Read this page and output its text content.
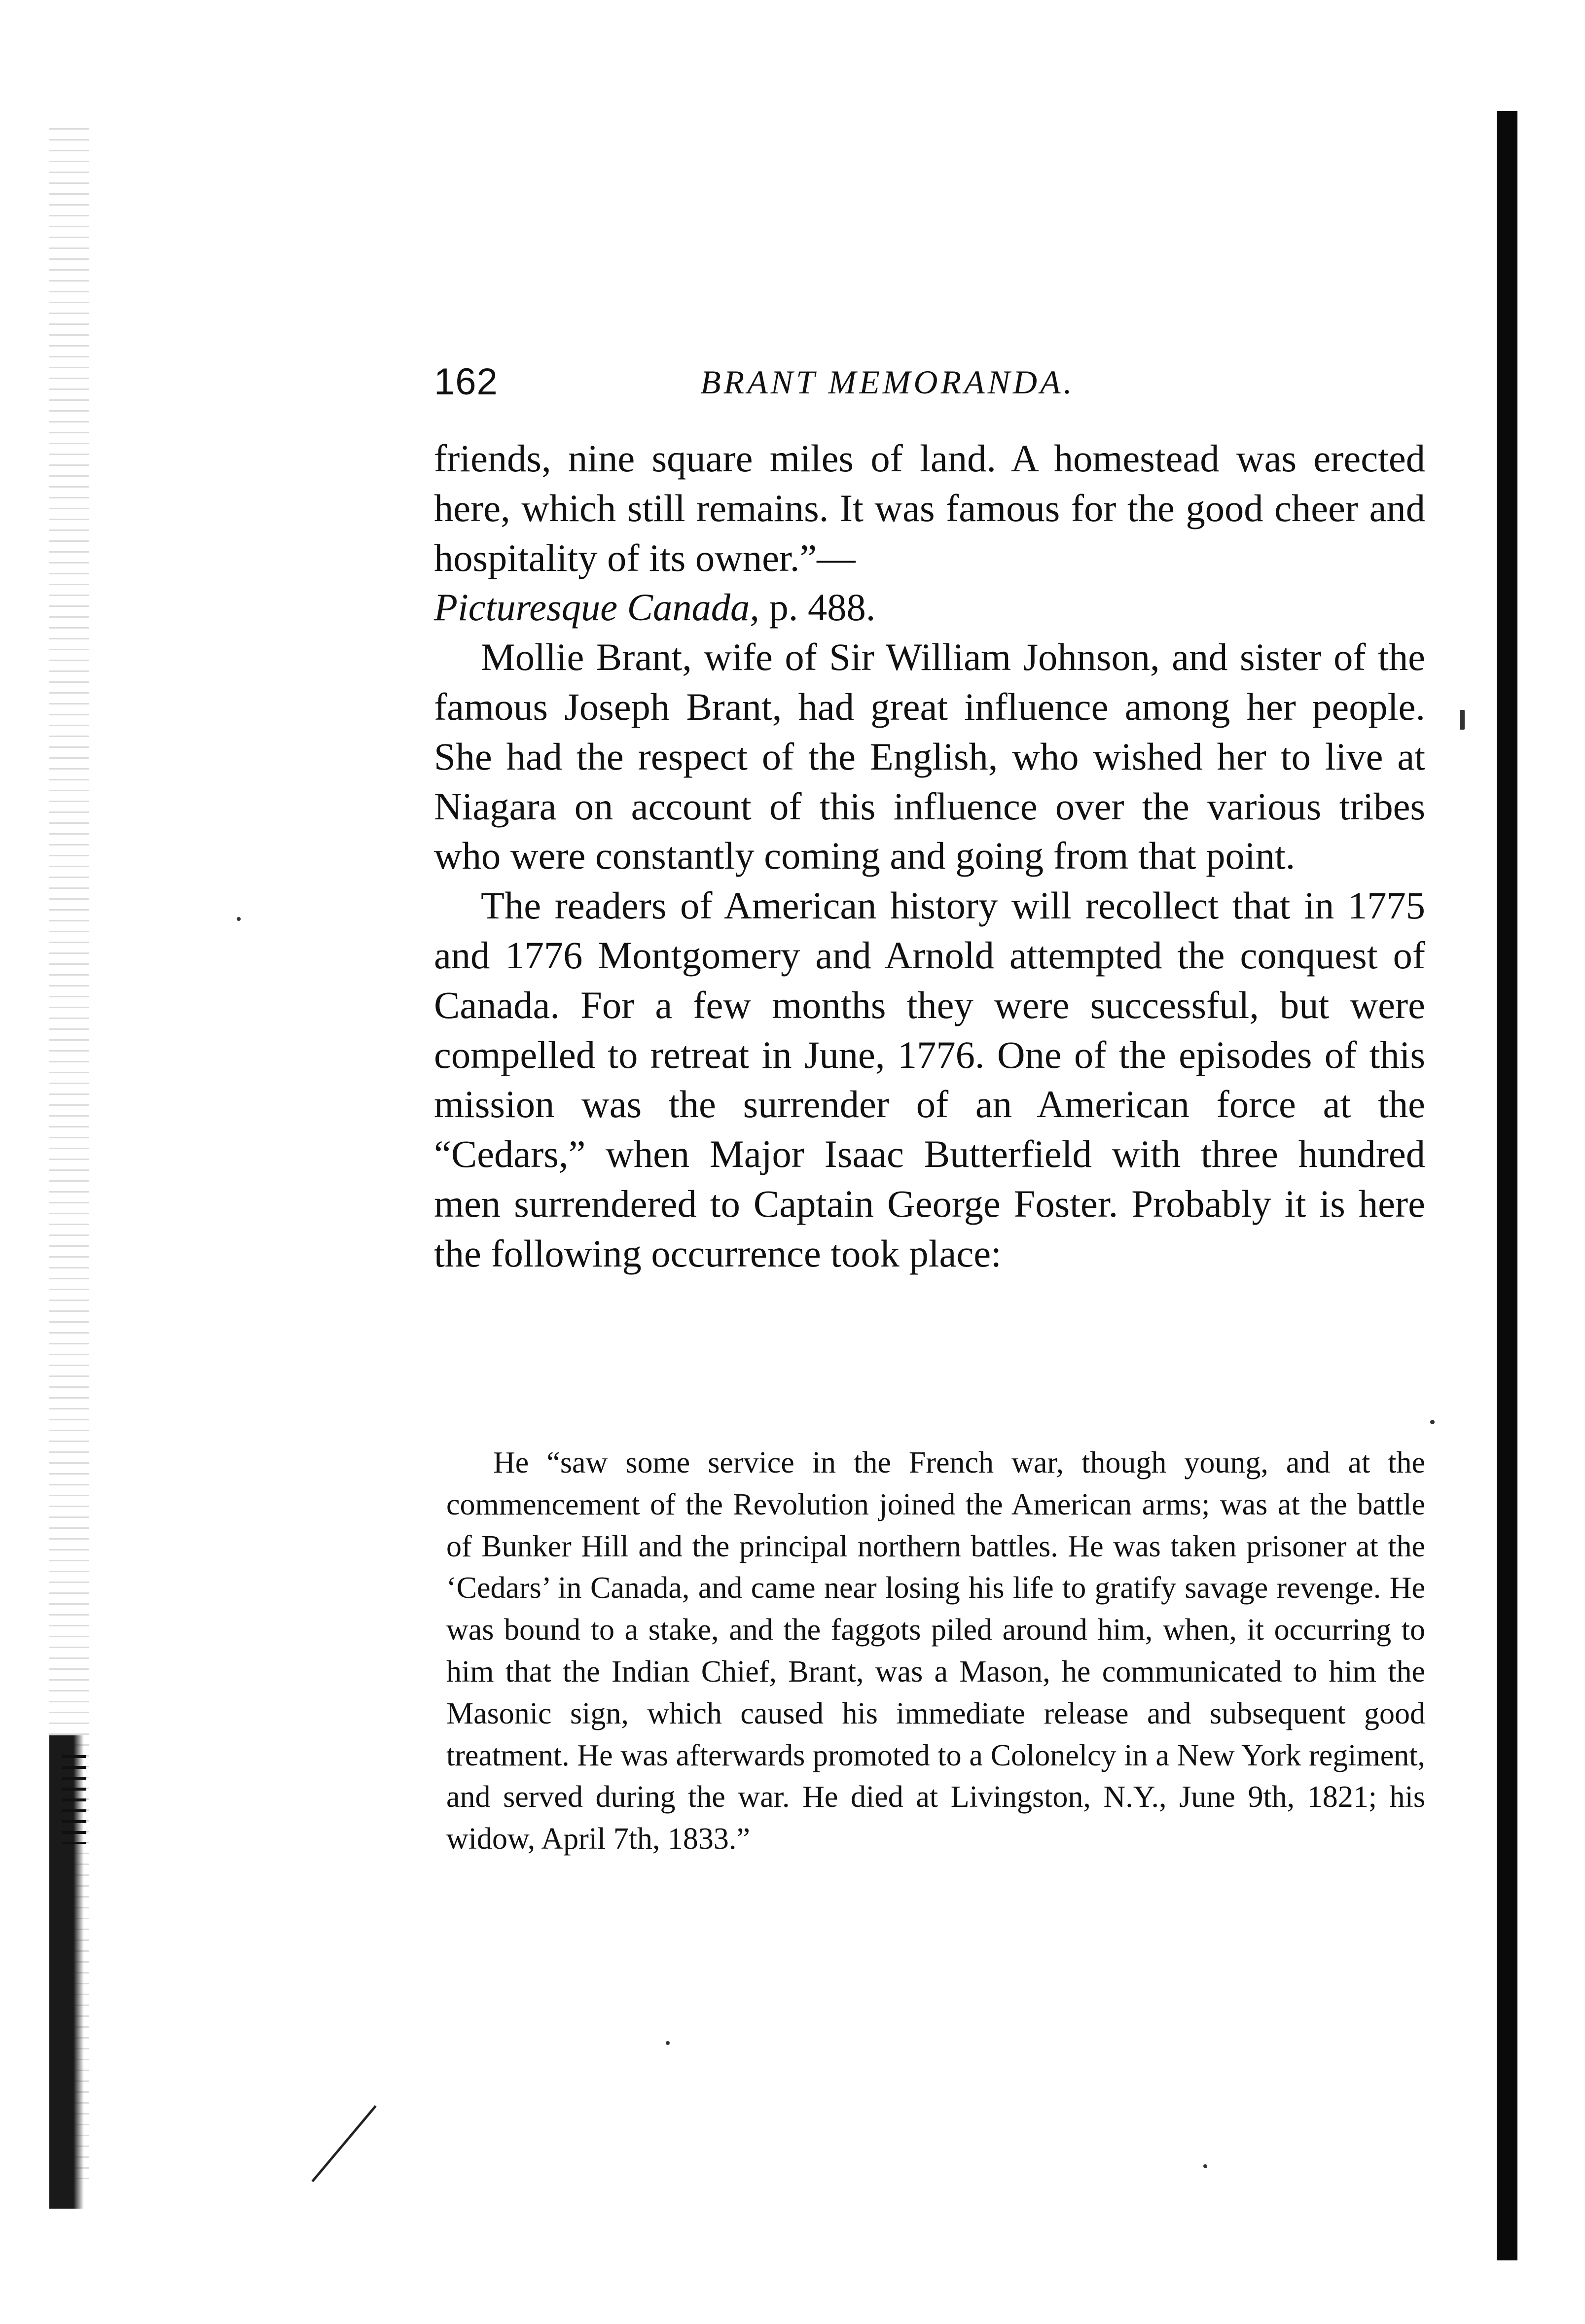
162	BRANT MEMORANDA.

friends, nine square miles of land. A homestead was erected here, which still remains. It was famous for the good cheer and hospitality of its owner.”—
Picturesque Canada, p. 488.

Mollie Brant, wife of Sir William Johnson, and sister of the famous Joseph Brant, had great influence among her people. She had the respect of the English, who wished her to live at Niagara on account of this influence over the various tribes who were constantly coming and going from that point.

The readers of American history will recollect that in 1775 and 1776 Montgomery and Arnold attempted the conquest of Canada. For a few months they were successful, but were compelled to retreat in June, 1776. One of the episodes of this mission was the surrender of an American force at the “Cedars,” when Major Isaac Butterfield with three hundred men surrendered to Captain George Foster. Probably it is here the following occurrence took place:

He “saw some service in the French war, though young, and at the commencement of the Revolution joined the American arms; was at the battle of Bunker Hill and the principal northern battles. He was taken prisoner at the ‘Cedars’ in Canada, and came near losing his life to gratify savage revenge. He was bound to a stake, and the faggots piled around him, when, it occurring to him that the Indian Chief, Brant, was a Mason, he communicated to him the Masonic sign, which caused his immediate release and subsequent good treatment. He was afterwards promoted to a Colonelcy in a New York regiment, and served during the war. He died at Livingston, N.Y., June 9th, 1821; his widow, April 7th, 1833.”
